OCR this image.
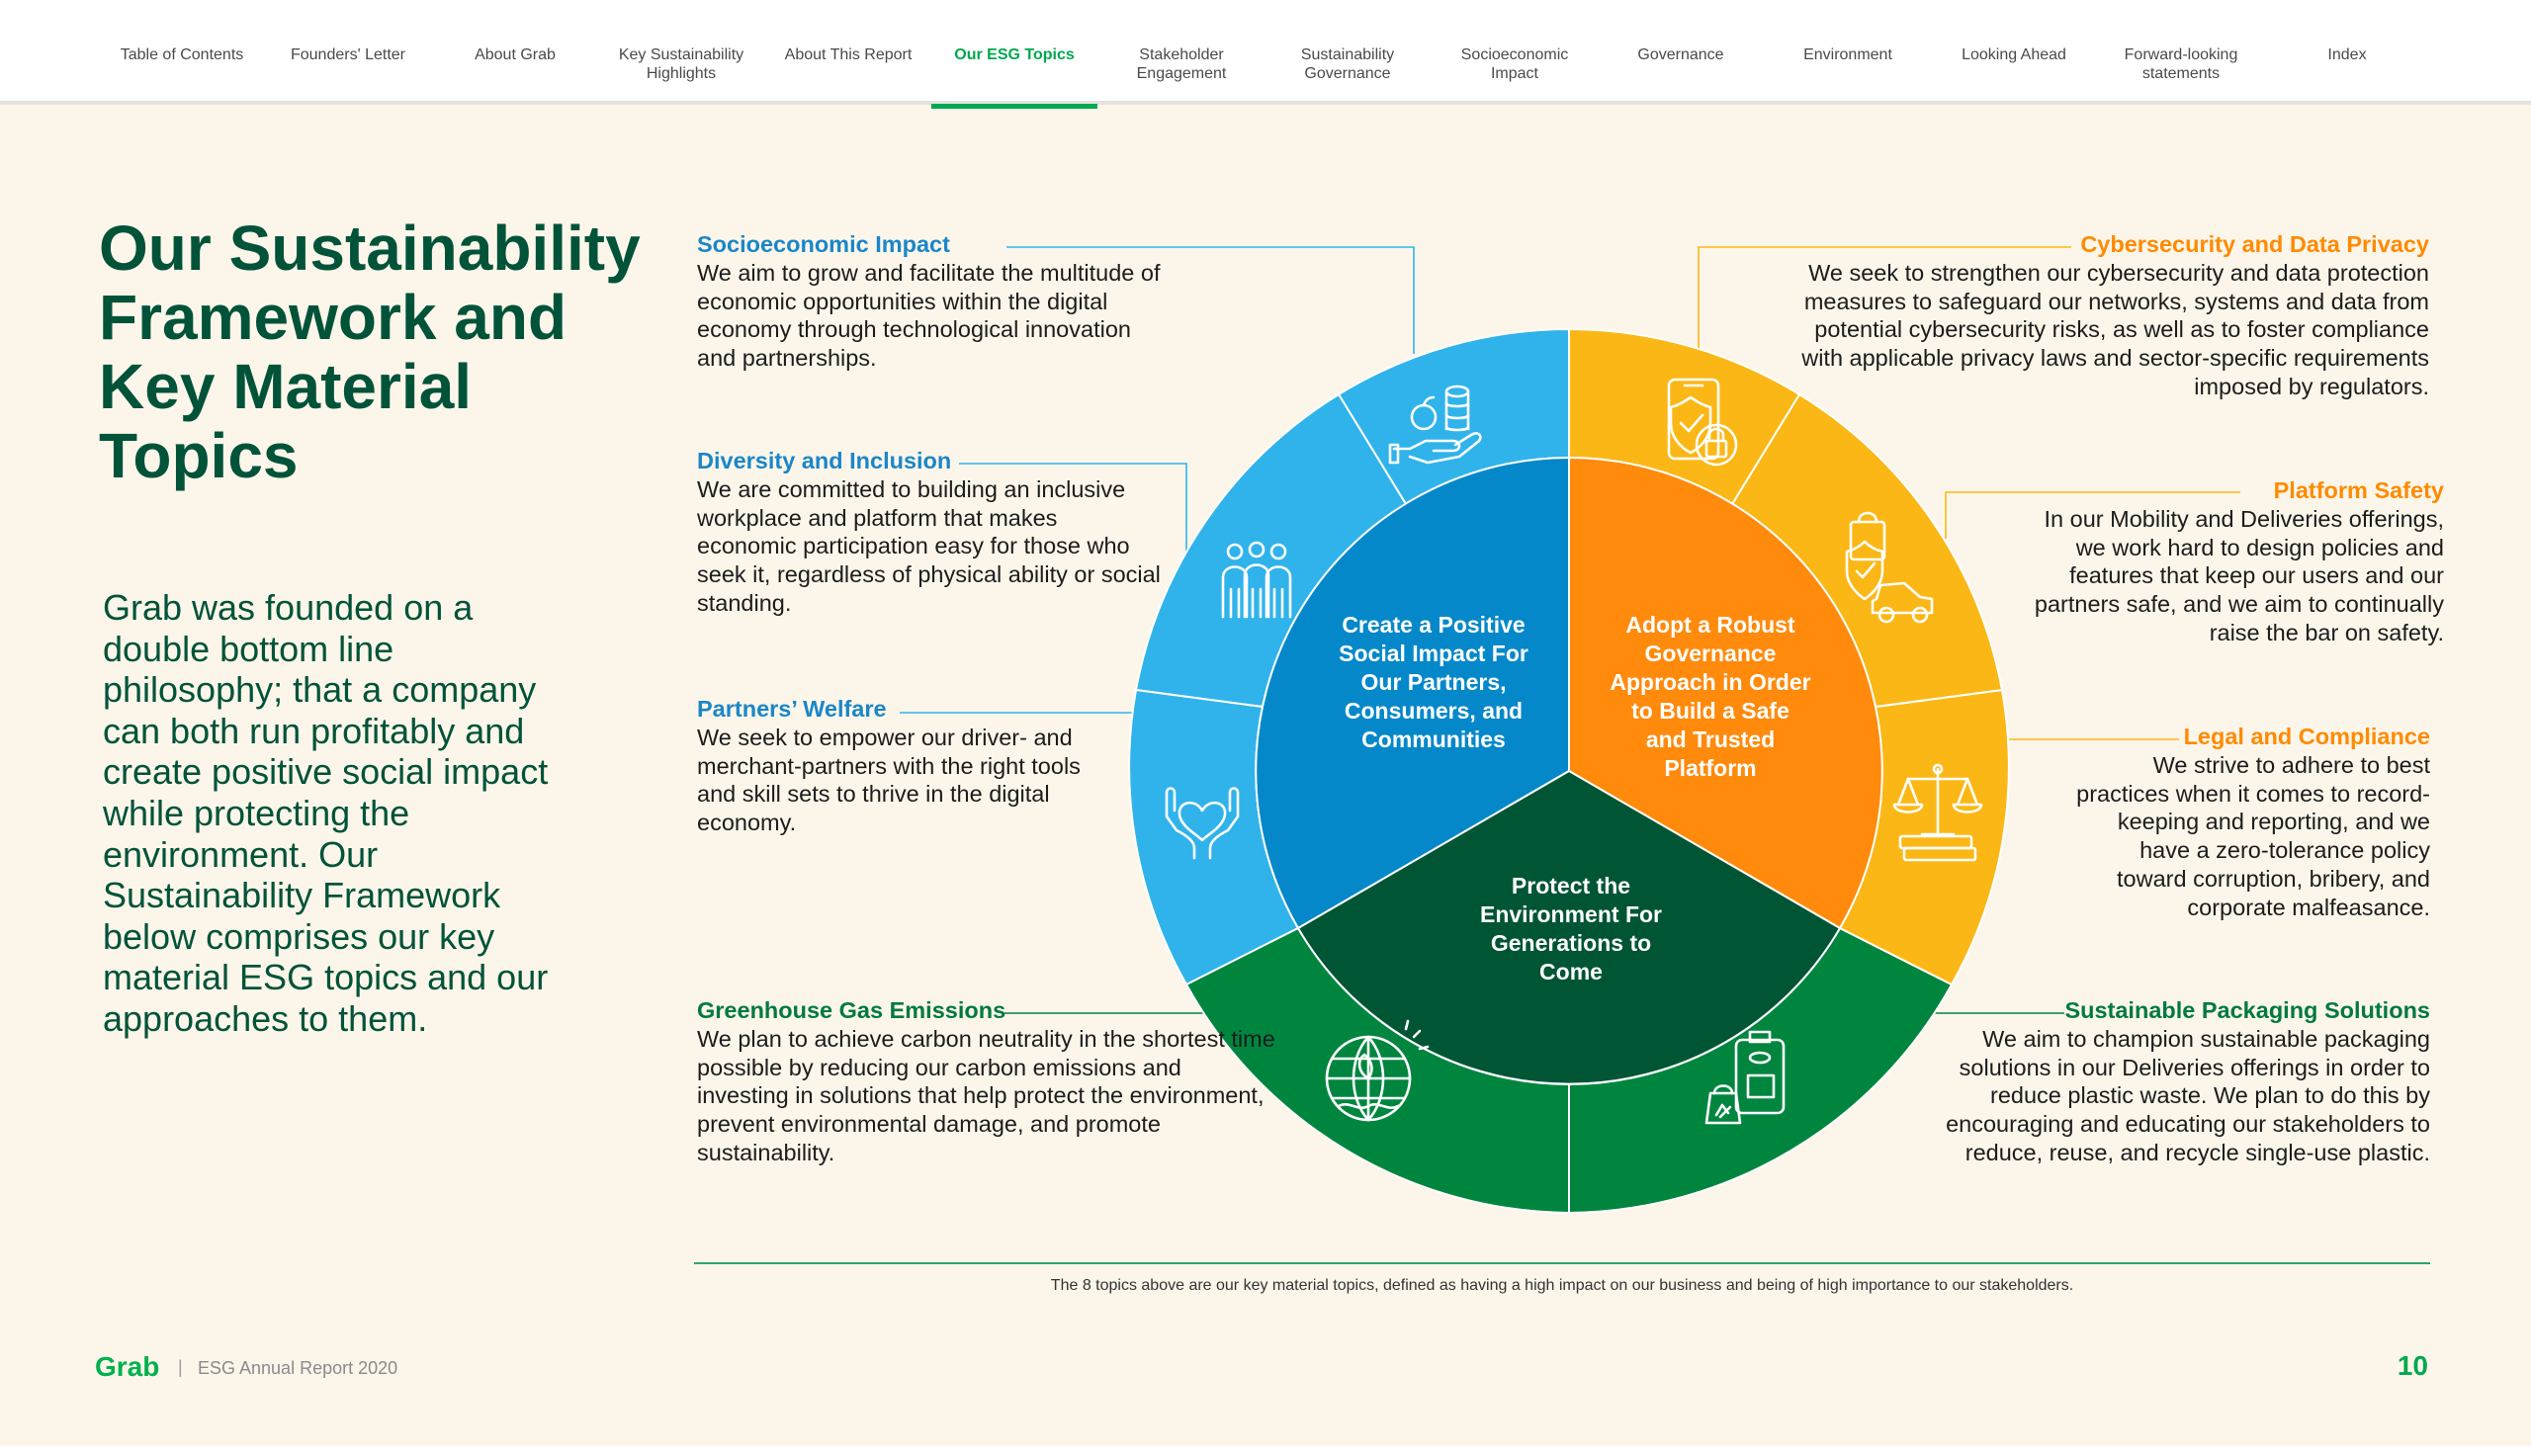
Table of Contents	Founders' Letter	About Grab	Key Sustainability
Highlights
About This Report	Our ESG Topics	Stakeholder
Engagement
Sustainability
Governance
Socioeconomic
Impact
Governance	Environment	Looking Ahead	Forward-looking
statements
Index
Our Sustainability Framework and Key Material Topics

Grab was founded on a double bottom line philosophy; that a company can both run profitably and create positive social impact while protecting the environment. Our Sustainability Framework below comprises our key material ESG topics and our approaches to them.

Create a Positive Social Impact For Our Partners, Consumers, and Communities
Adopt a Robust Governance Approach in Order to Build a Safe and Trusted Platform
Protect the Environment For Generations to Come
Socioeconomic Impact
We aim to grow and facilitate the multitude of economic opportunities within the digital economy through technological innovation and partnerships.
Diversity and Inclusion
We are committed to building an inclusive workplace and platform that makes economic participation easy for those who seek it, regardless of physical ability or social standing.
Partners’ Welfare
We seek to empower our driver- and merchant-partners with the right tools and skill sets to thrive in the digital economy.
Greenhouse Gas Emissions
We plan to achieve carbon neutrality in the shortest time possible by reducing our carbon emissions and investing in solutions that help protect the environment, prevent environmental damage, and promote sustainability.
Cybersecurity and Data Privacy
We seek to strengthen our cybersecurity and data protection measures to safeguard our networks, systems and data from potential cybersecurity risks, as well as to foster compliance with applicable privacy laws and sector-specific requirements imposed by regulators.
Platform Safety
In our Mobility and Deliveries offerings, we work hard to design policies and features that keep our users and our partners safe, and we aim to continually raise the bar on safety.
Legal and Compliance
We strive to adhere to best practices when it comes to record-keeping and reporting, and we have a zero-tolerance policy toward corruption, bribery, and corporate malfeasance.
Sustainable Packaging Solutions
We aim to champion sustainable packaging solutions in our Deliveries offerings in order to reduce plastic waste. We plan to do this by encouraging and educating our stakeholders to reduce, reuse, and recycle single-use plastic.
The 8 topics above are our key material topics, defined as having a high impact on our business and being of high importance to our stakeholders.
Grab | ESG Annual Report 2020	10
